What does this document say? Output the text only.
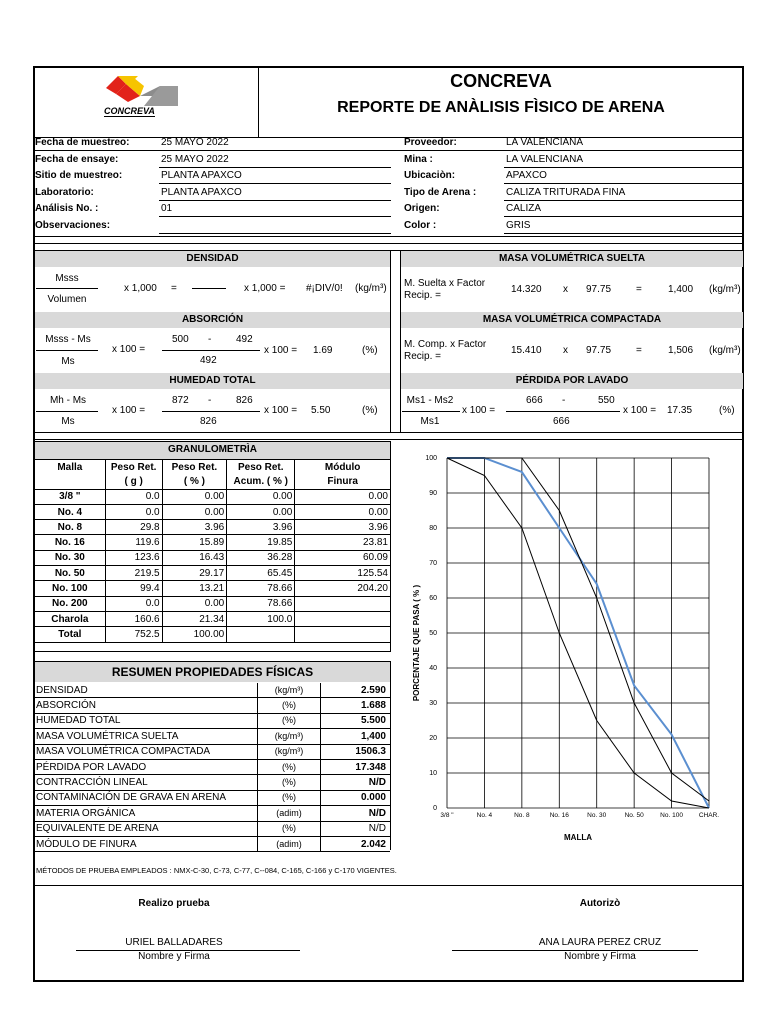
CONCREVA
CONCREVA
REPORTE DE ANÀLISIS FÌSICO DE ARENA
Fecha de muestreo:	25 MAYO 2022
Fecha de ensaye:	25 MAYO 2022
Sitio de muestreo:	PLANTA APAXCO
Laboratorio:	PLANTA APAXCO
Análisis No. :	01
Observaciones:
Proveedor:	LA VALENCIANA
Mina :	LA VALENCIANA
Ubicaciòn:	APAXCO
Tipo de Arena :	CALIZA TRITURADA FINA
Origen:	CALIZA
Color :	GRIS
DENSIDAD
Msss
Volumen
x 1,000 =	x 1,000 = #¡DIV/0! (kg/m³)
ABSORCIÓN
Msss - Ms
Ms
x 100 =
500 - 492
492
x 100 = 1.69	(%)
HUMEDAD TOTAL
Mh - Ms
Ms
x 100 =
872 - 826
826
x 100 = 5.50	(%)
MASA VOLUMÉTRICA SUELTA
M. Suelta x Factor
Recip. =
14.320 x 97.75 =	1,400 (kg/m³)
MASA VOLUMÉTRICA COMPACTADA
M. Comp. x Factor
Recip. =
15.410 x 97.75 =	1,506 (kg/m³)
PÉRDIDA POR LAVADO
Ms1 - Ms2
Ms1
x 100 =
666 -	550
666
x 100 = 17.35	(%)
GRANULOMETRÌA
Malla	Peso Ret.	Peso Ret.	Peso Ret.	Módulo
	( g )	( % )	Acum. ( % )	Finura
3/8 "	0.0	0.00	0.00	0.00
No. 4	0.0	0.00	0.00	0.00
No. 8	29.8	3.96	3.96	3.96
No. 16	119.6	15.89	19.85	23.81
No. 30	123.6	16.43	36.28	60.09
No. 50	219.5	29.17	65.45	125.54
No. 100	99.4	13.21	78.66	204.20
No. 200	0.0	0.00	78.66	
Charola	160.6	21.34	100.0	
Total	752.5	100.00		
RESUMEN PROPIEDADES FÍSICAS
DENSIDAD	(kg/m³)	2.590
ABSORCIÓN	(%)	1.688
HUMEDAD TOTAL	(%)	5.500
MASA VOLUMÉTRICA SUELTA	(kg/m³)	1,400
MASA VOLUMÉTRICA COMPACTADA	(kg/m³)	1506.3
PÉRDIDA POR LAVADO	(%)	17.348
CONTRACCIÓN LINEAL	(%)	N/D
CONTAMINACIÓN DE GRAVA EN ARENA	(%)	0.000
MATERIA ORGÁNICA	(adim)	N/D
EQUIVALENTE DE ARENA	(%)	N/D
MÓDULO DE FINURA	(adim)	2.042
0
10
20
30
40
50
60
70
80
90
100
3/8 "	No. 4	No. 8	No. 16	No. 30	No. 50	No. 100 CHAR.
MALLA
PORCENTAJE QUE PASA ( % )
MÉTODOS DE PRUEBA EMPLEADOS : NMX-C-30, C-73, C-77, C--084, C-165, C-166 y C-170 VIGENTES.
Realizo prueba
URIEL BALLADARES
Nombre y Firma
Autorizò
ANA LAURA PEREZ CRUZ
Nombre y Firma
